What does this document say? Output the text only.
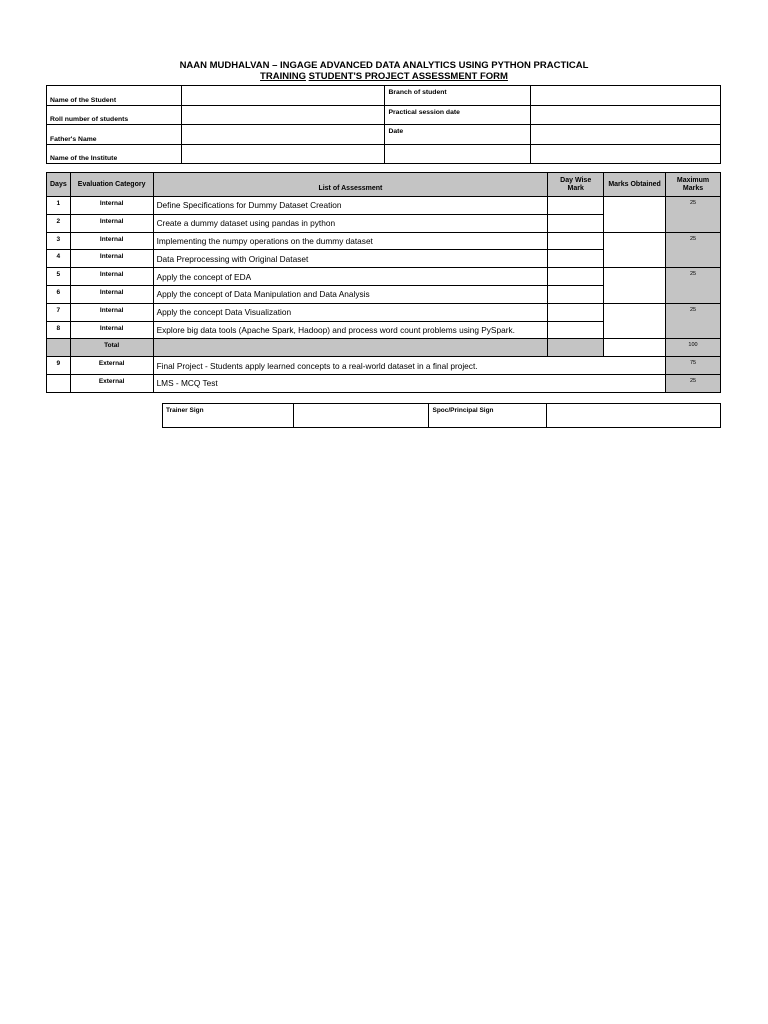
NAAN MUDHALVAN – INGAGE ADVANCED DATA ANALYTICS USING PYTHON PRACTICAL
TRAINING STUDENT'S PROJECT ASSESSMENT FORM
Name of the Student		Branch of student	
Roll number of students		Practical session date	
Father's Name		Date	
Name of the Institute			
Days	Evaluation Category	List of Assessment	Day Wise Mark	Marks Obtained	Maximum Marks
1	Internal	Define Specifications for Dummy Dataset Creation			25
2	Internal	Create a dummy dataset using pandas in python			
3	Internal	Implementing the numpy operations on the dummy dataset			25
4	Internal	Data Preprocessing with Original Dataset			
5	Internal	Apply the concept of EDA			25
6	Internal	Apply the concept of Data Manipulation and Data Analysis			
7	Internal	Apply the concept Data Visualization			25
8	Internal	Explore big data tools (Apache Spark, Hadoop) and process word count problems using PySpark.			
	Total				100
9	External	Final Project - Students apply learned concepts to a real-world dataset in a final project.			75
	External	LMS - MCQ Test			25
Trainer Sign		Spoc/Principal Sign	
